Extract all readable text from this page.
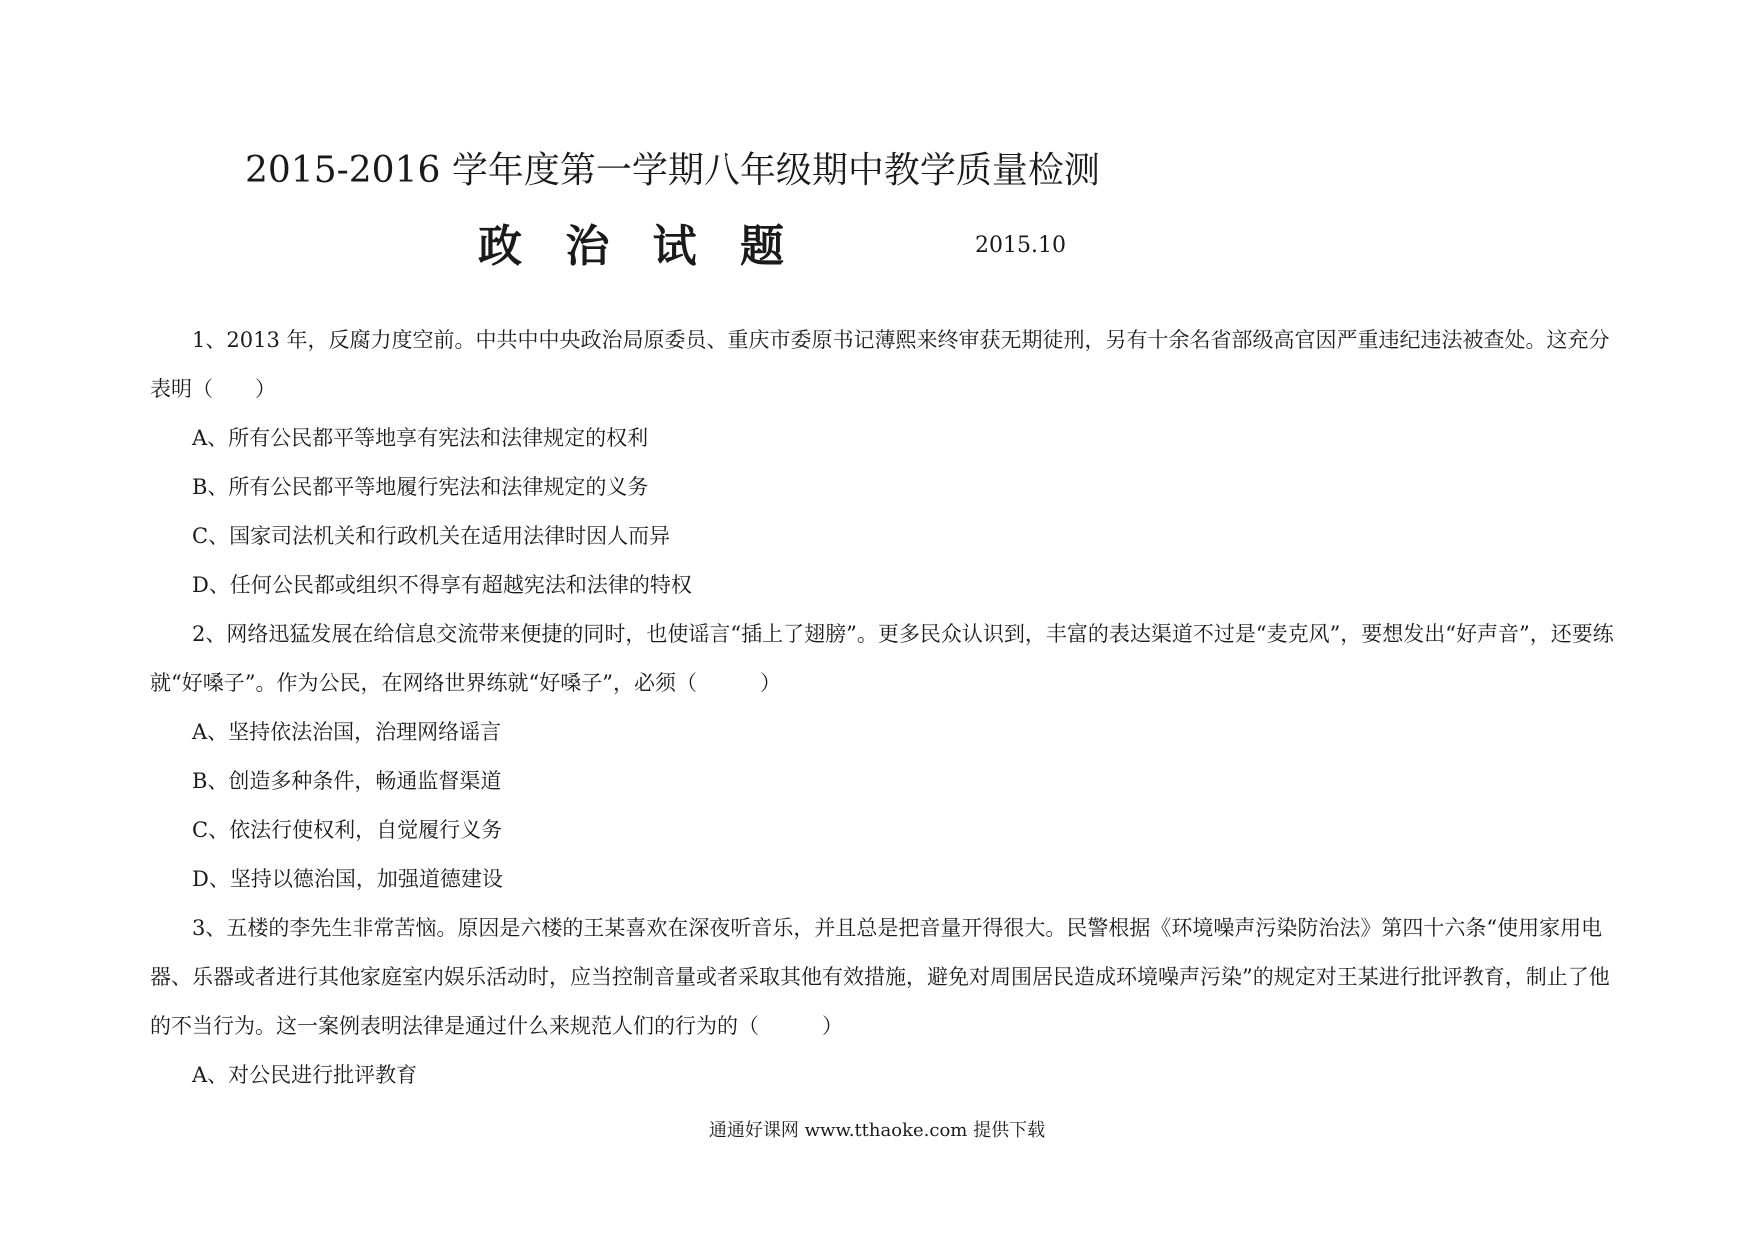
2015-2016 学年度第一学期八年级期中教学质量检测
政 治 试 题	2015.10

1、2013 年，反腐力度空前。中共中中央政治局原委员、重庆市委原书记薄熙来终审获无期徒刑，另有十余名省部级高官因严重违纪违法被查处。这充分表明（　　）

A、所有公民都平等地享有宪法和法律规定的权利

B、所有公民都平等地履行宪法和法律规定的义务

C、国家司法机关和行政机关在适用法律时因人而异

D、任何公民都或组织不得享有超越宪法和法律的特权

2、网络迅猛发展在给信息交流带来便捷的同时，也使谣言“插上了翅膀”。更多民众认识到，丰富的表达渠道不过是“麦克风”，要想发出“好声音”，还要练就“好嗓子”。作为公民，在网络世界练就“好嗓子”，必须（　　　）

A、坚持依法治国，治理网络谣言

B、创造多种条件，畅通监督渠道

C、依法行使权利，自觉履行义务

D、坚持以德治国，加强道德建设

3、五楼的李先生非常苦恼。原因是六楼的王某喜欢在深夜听音乐，并且总是把音量开得很大。民警根据《环境噪声污染防治法》第四十六条“使用家用电器、乐器或者进行其他家庭室内娱乐活动时，应当控制音量或者采取其他有效措施，避免对周围居民造成环境噪声污染”的规定对王某进行批评教育，制止了他的不当行为。这一案例表明法律是通过什么来规范人们的行为的（　　　）

A、对公民进行批评教育

通通好课网 www.tthaoke.com 提供下载
